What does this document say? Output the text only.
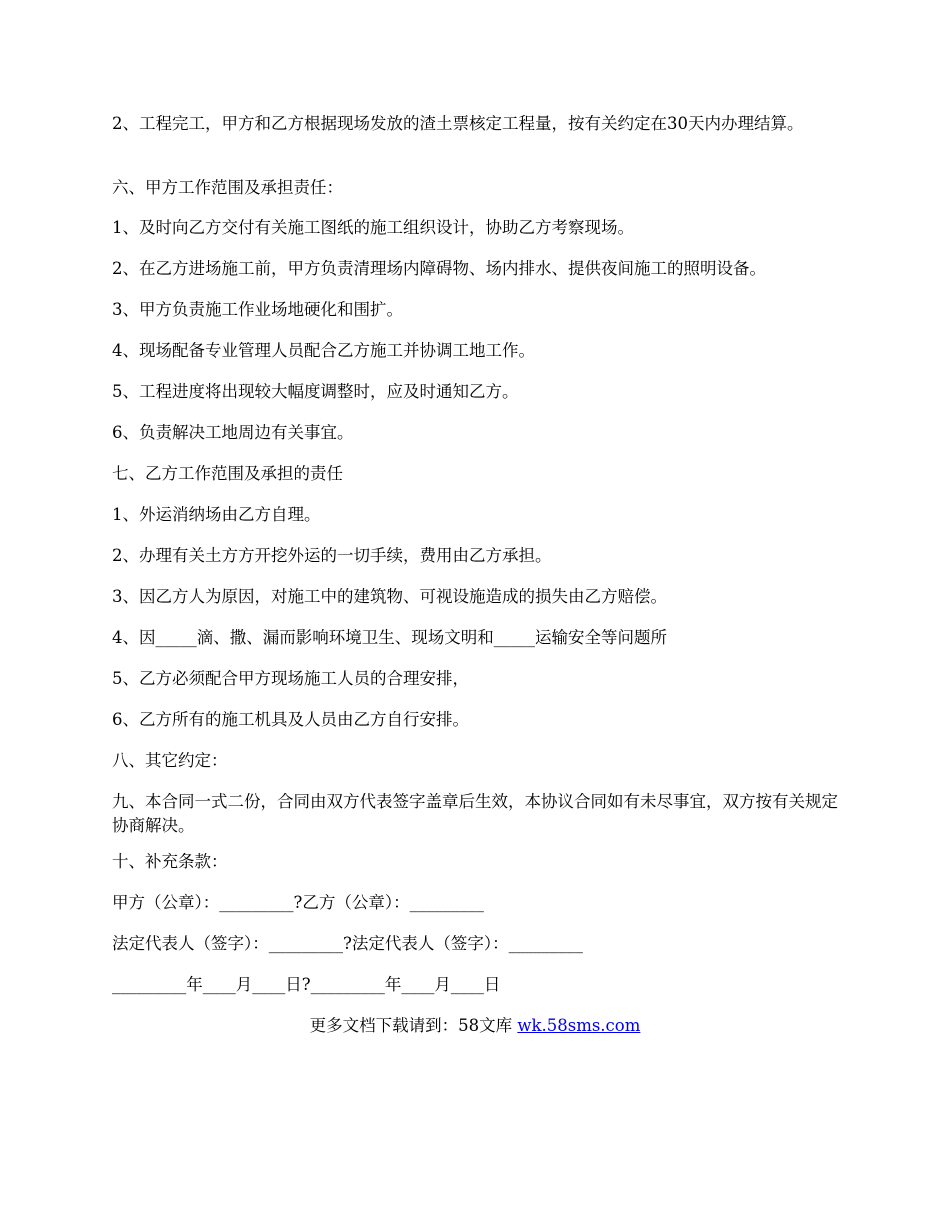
2、工程完工，甲方和乙方根据现场发放的渣土票核定工程量，按有关约定在30天内办理结算。

六、甲方工作范围及承担责任：

1、及时向乙方交付有关施工图纸的施工组织设计，协助乙方考察现场。

2、在乙方进场施工前，甲方负责清理场内障碍物、场内排水、提供夜间施工的照明设备。

3、甲方负责施工作业场地硬化和围扩。

4、现场配备专业管理人员配合乙方施工并协调工地工作。

5、工程进度将出现较大幅度调整时，应及时通知乙方。

6、负责解决工地周边有关事宜。

七、乙方工作范围及承担的责任

1、外运消纳场由乙方自理。

2、办理有关土方方开挖外运的一切手续，费用由乙方承担。

3、因乙方人为原因，对施工中的建筑物、可视设施造成的损失由乙方赔偿。

4、因_____滴、撒、漏而影响环境卫生、现场文明和_____运输安全等问题所

5、乙方必须配合甲方现场施工人员的合理安排，

6、乙方所有的施工机具及人员由乙方自行安排。

八、其它约定：

九、本合同一式二份，合同由双方代表签字盖章后生效，本协议合同如有未尽事宜，双方按有关规定协商解决。

十、补充条款：

甲方（公章）：_________?乙方（公章）：_________

法定代表人（签字）：_________?法定代表人（签字）：_________

_________年____月____日?_________年____月____日

更多文档下载请到：58文库 wk.58sms.com
